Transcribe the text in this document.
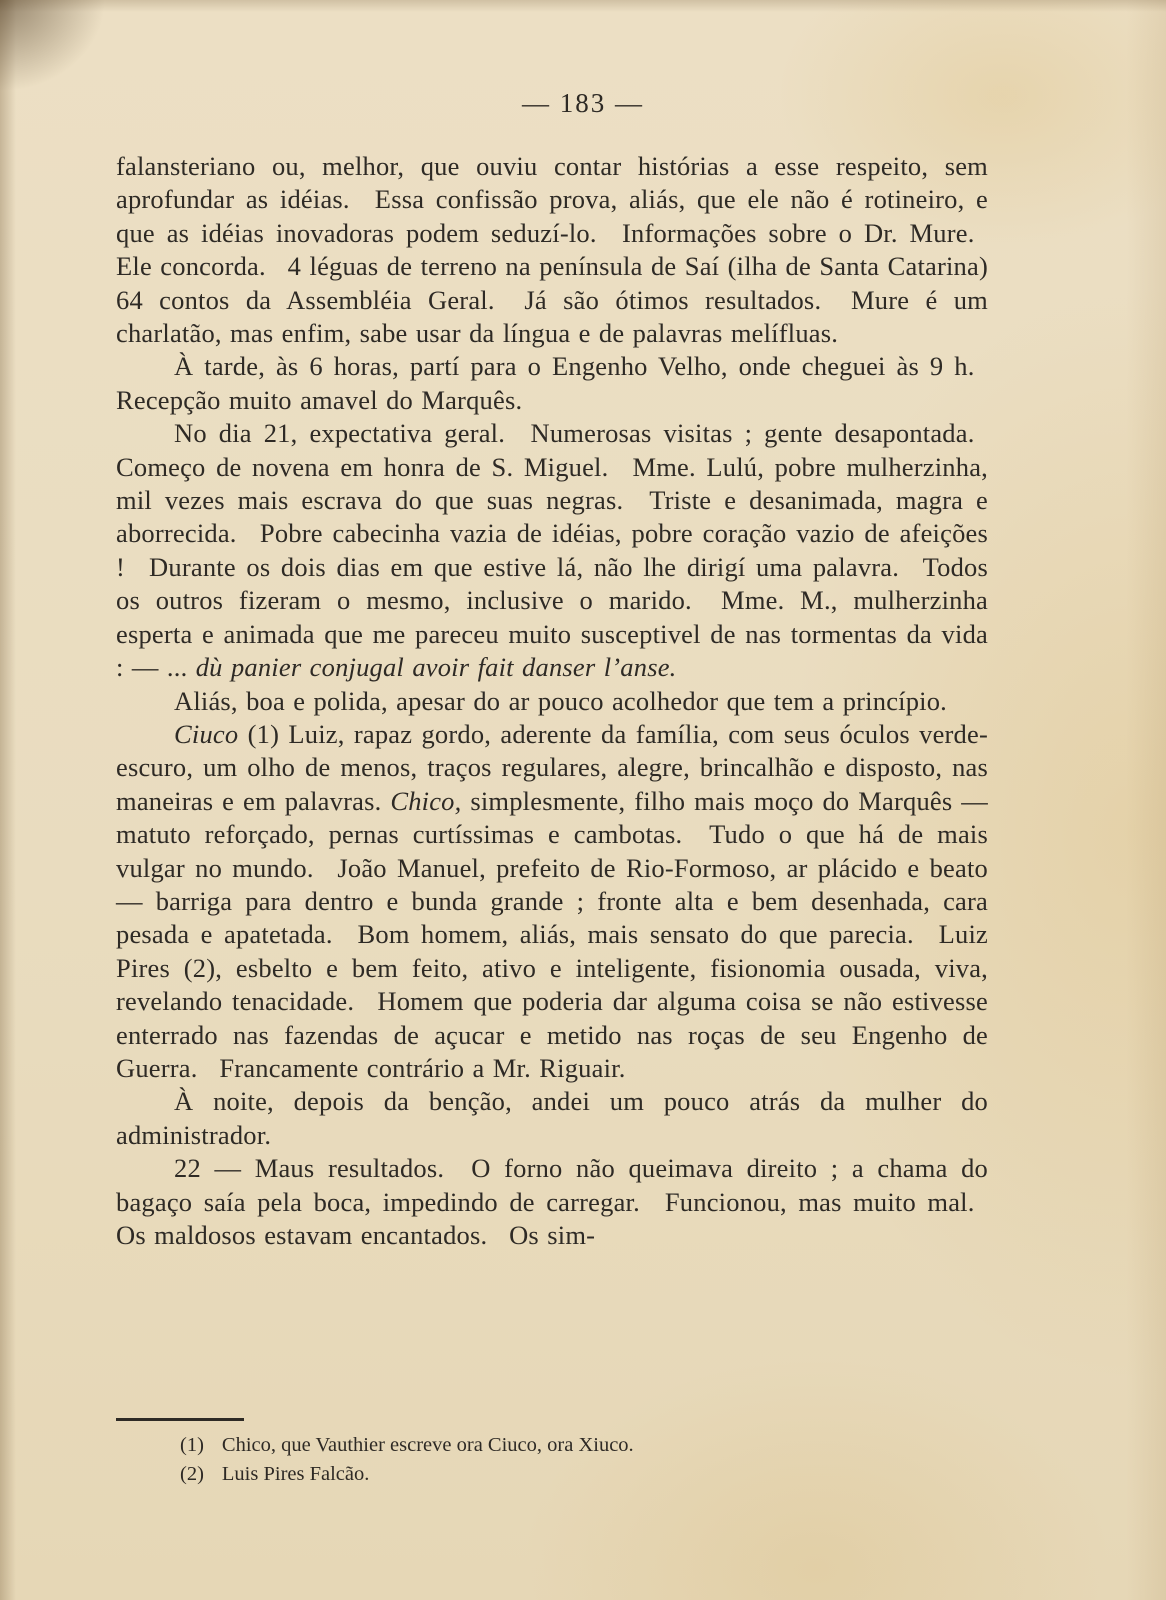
— 183 —

falansteriano ou, melhor, que ouviu contar histórias a esse respeito, sem aprofundar as idéias.  Essa confissão prova, aliás, que ele não é rotineiro, e que as idéias inovadoras podem seduzí-lo.  Informações sobre o Dr. Mure.  Ele concorda.  4 léguas de terreno na península de Saí (ilha de Santa Catarina) 64 contos da Assembléia Geral.  Já são ótimos resultados.  Mure é um charlatão, mas enfim, sabe usar da língua e de palavras melífluas.

À tarde, às 6 horas, partí para o Engenho Velho, onde cheguei às 9 h.  Recepção muito amavel do Marquês.

No dia 21, expectativa geral.  Numerosas visitas ; gente desapontada.  Começo de novena em honra de S. Miguel.  Mme. Lulú, pobre mulherzinha, mil vezes mais escrava do que suas negras.  Triste e desanimada, magra e aborrecida.  Pobre cabecinha vazia de idéias, pobre coração vazio de afeições !  Durante os dois dias em que estive lá, não lhe dirigí uma palavra.  Todos os outros fizeram o mesmo, inclusive o marido.  Mme. M., mulherzinha esperta e animada que me pareceu muito susceptivel de nas tormentas da vida : — ... dù panier conjugal avoir fait danser l’anse.

Aliás, boa e polida, apesar do ar pouco acolhedor que tem a princípio.

Ciuco (1) Luiz, rapaz gordo, aderente da família, com seus óculos verde-escuro, um olho de menos, traços regulares, alegre, brincalhão e disposto, nas maneiras e em palavras. Chico, simplesmente, filho mais moço do Marquês — matuto reforçado, pernas curtíssimas e cambotas.  Tudo o que há de mais vulgar no mundo.  João Manuel, prefeito de Rio-Formoso, ar plácido e beato — barriga para dentro e bunda grande ; fronte alta e bem desenhada, cara pesada e apatetada.  Bom homem, aliás, mais sensato do que parecia.  Luiz Pires (2), esbelto e bem feito, ativo e inteligente, fisionomia ousada, viva, revelando tenacidade.  Homem que poderia dar alguma coisa se não estivesse enterrado nas fazendas de açucar e metido nas roças de seu Engenho de Guerra.  Francamente contrário a Mr. Riguair.

À noite, depois da benção, andei um pouco atrás da mulher do administrador.

22 — Maus resultados.  O forno não queimava direito ; a chama do bagaço saía pela boca, impedindo de carregar.  Funcionou, mas muito mal.  Os maldosos estavam encantados.  Os sim-

(1) Chico, que Vauthier escreve ora Ciuco, ora Xiuco.
(2) Luis Pires Falcão.
